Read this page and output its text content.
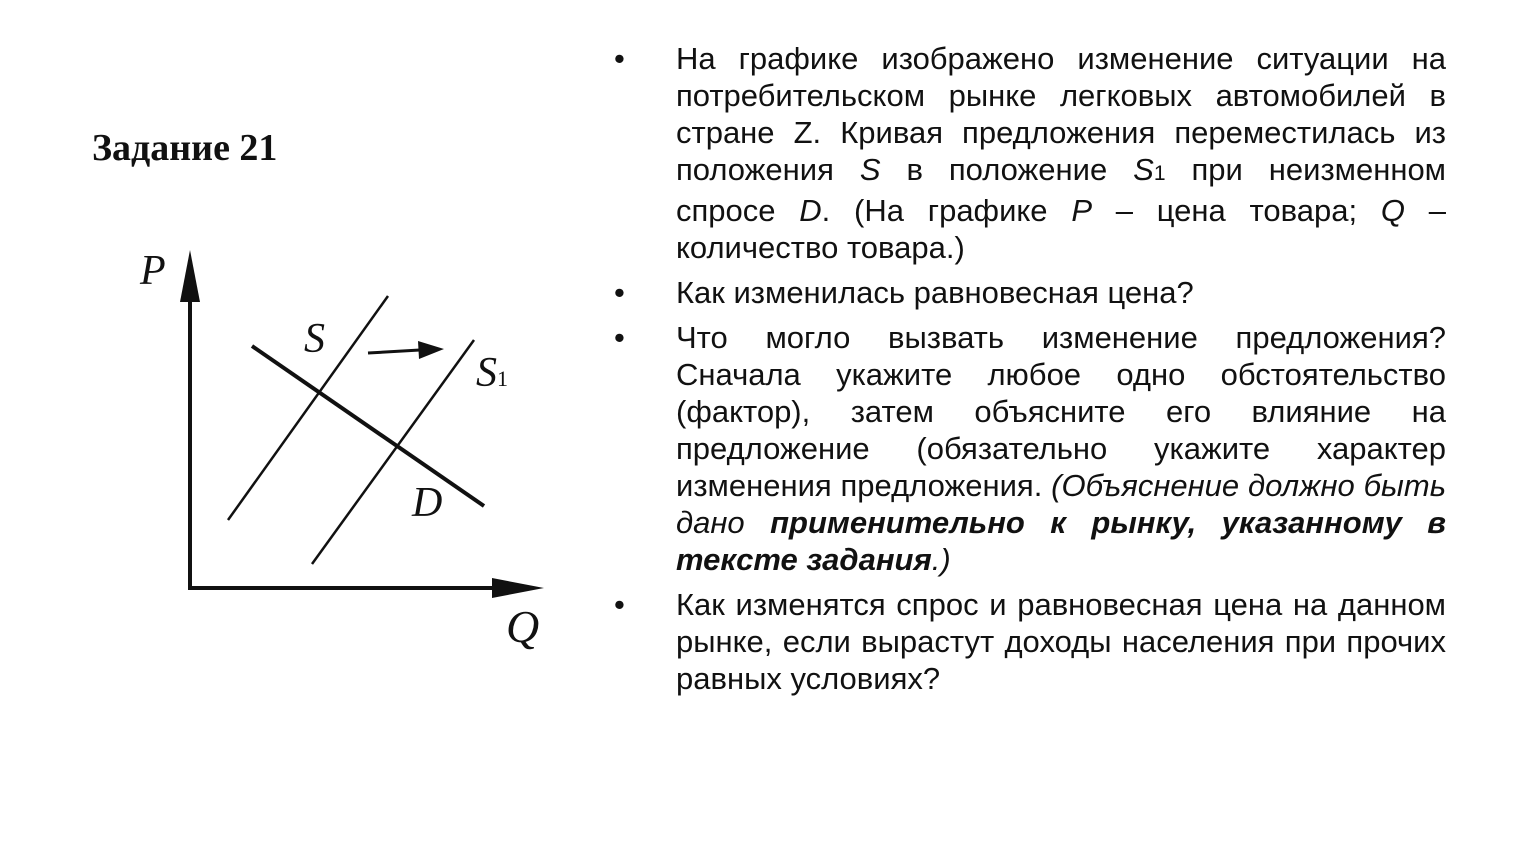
Задание 21
P
Q
S
S1
D
•	На графике изображено изменение ситуации на потребительском рынке легковых автомобилей в стране Z. Кривая предложения переместилась из положения S в положение S1 при неизменном спросе D. (На графике P – цена товара; Q – количество товара.)
•	Как изменилась равновесная цена?
•	Что могло вызвать изменение предложения? Сначала укажите любое одно обстоятельство (фактор), затем объясните его влияние на предложение (обязательно укажите характер изменения предложения. (Объяснение должно быть дано применительно к рынку, указанному в тексте задания.)
•	Как изменятся спрос и равновесная цена на данном рынке, если вырастут доходы населения при прочих равных условиях?
